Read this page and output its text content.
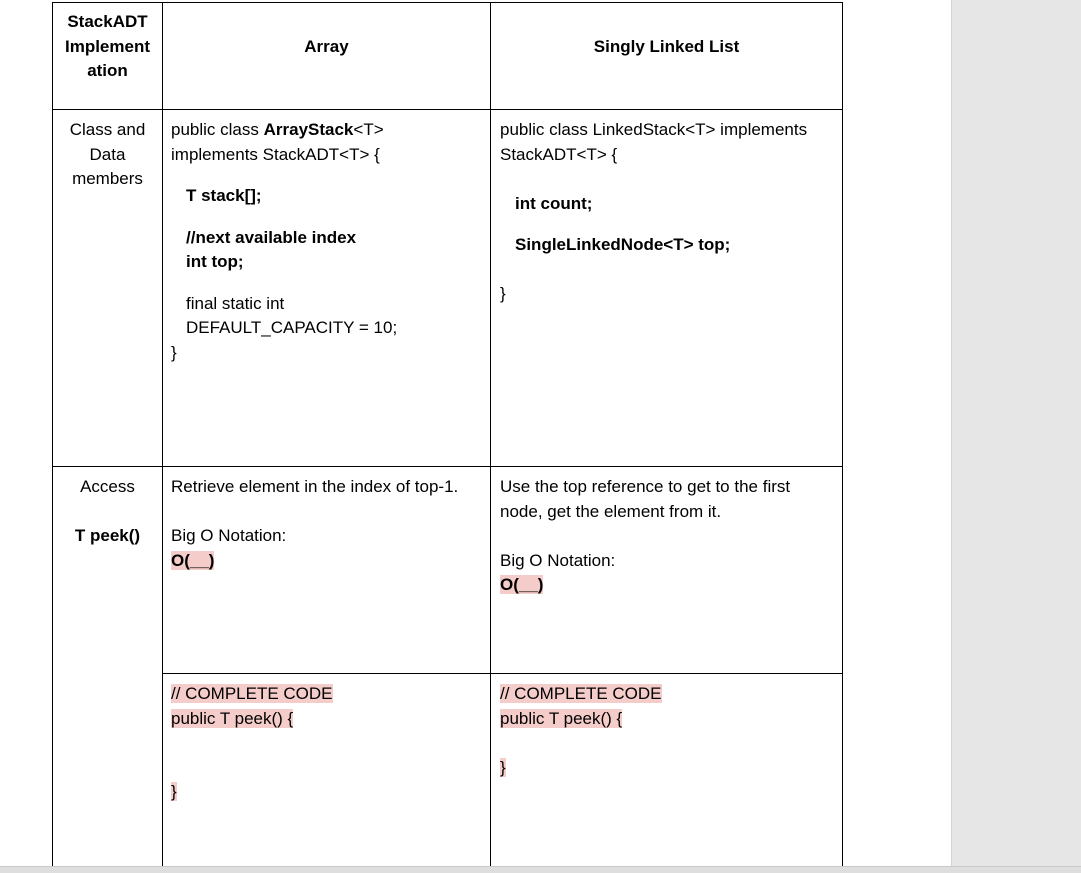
StackADT
Implement
ation
Array	Singly Linked List
Class and
Data
members
public class ArrayStack<T>
implements StackADT<T> {
T stack[];
//next available index
int top;
final static int
DEFAULT_CAPACITY = 10;
}
public class LinkedStack<T> implements
StackADT<T> {
int count;
SingleLinkedNode<T> top;
}
Access
T peek()
Retrieve element in the index of top-1.
Big O Notation:
O(__)
Use the top reference to get to the first
node, get the element from it.
Big O Notation:
O(__)
// COMPLETE CODE
public T peek() {
}
// COMPLETE CODE
public T peek() {
}
